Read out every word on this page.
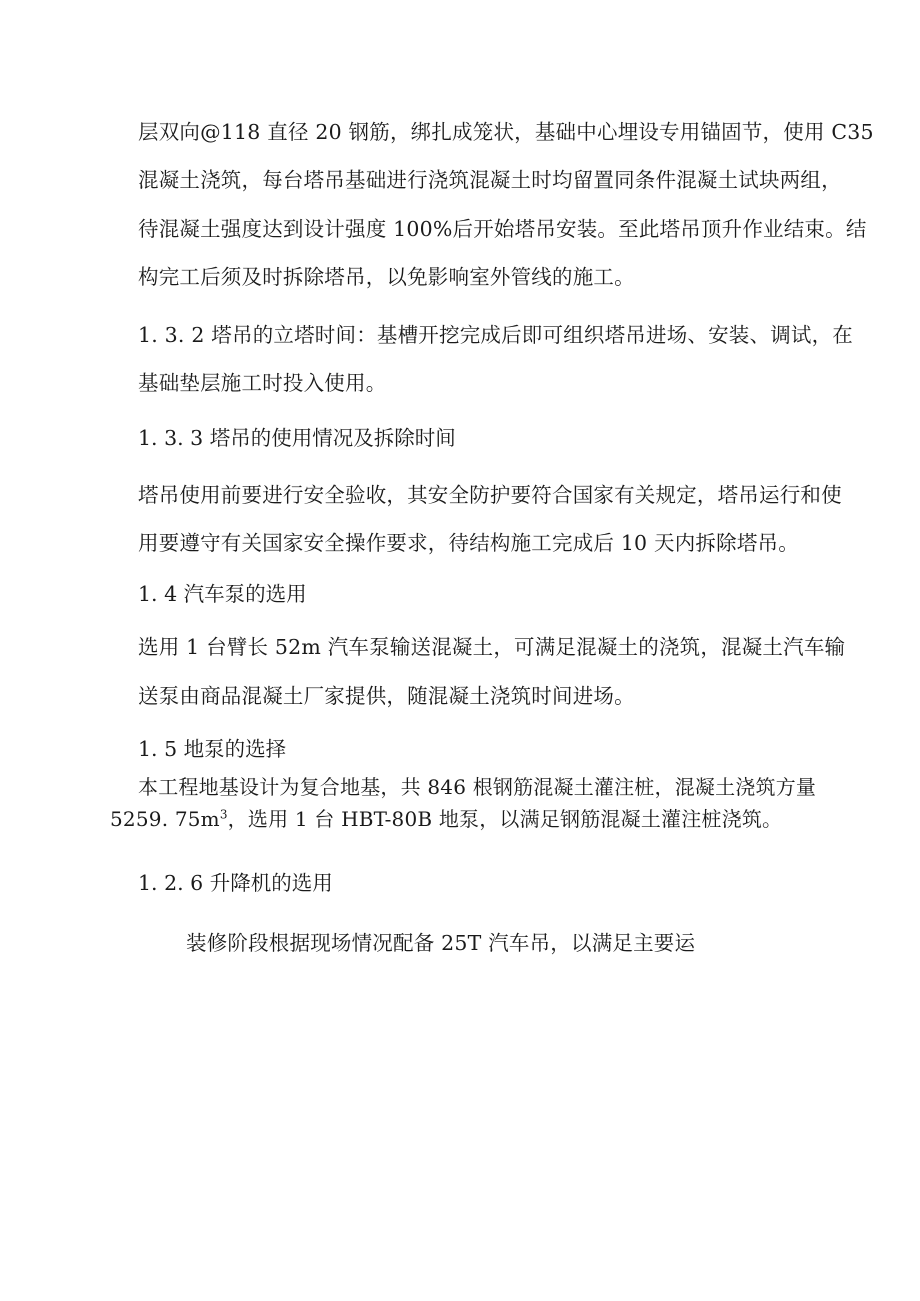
层双向@118 直径 20 钢筋，绑扎成笼状，基础中心埋设专用锚固节，使用 C35
混凝土浇筑，每台塔吊基础进行浇筑混凝土时均留置同条件混凝土试块两组，
待混凝土强度达到设计强度 100%后开始塔吊安装。至此塔吊顶升作业结束。结
构完工后须及时拆除塔吊，以免影响室外管线的施工。
1. 3. 2 塔吊的立塔时间：基槽开挖完成后即可组织塔吊进场、安装、调试，在
基础垫层施工时投入使用。
1. 3. 3 塔吊的使用情况及拆除时间
塔吊使用前要进行安全验收，其安全防护要符合国家有关规定，塔吊运行和使
用要遵守有关国家安全操作要求，待结构施工完成后 10 天内拆除塔吊。
1. 4 汽车泵的选用
选用 1 台臂长 52m 汽车泵输送混凝土，可满足混凝土的浇筑，混凝土汽车输
送泵由商品混凝土厂家提供，随混凝土浇筑时间进场。
1. 5 地泵的选择
本工程地基设计为复合地基，共 846 根钢筋混凝土灌注桩，混凝土浇筑方量
5259. $75m^3$，选用 1 台 HBT-80B 地泵，以满足钢筋混凝土灌注桩浇筑。
1. 2. 6 升降机的选用
装修阶段根据现场情况配备 25T 汽车吊，以满足主要运
